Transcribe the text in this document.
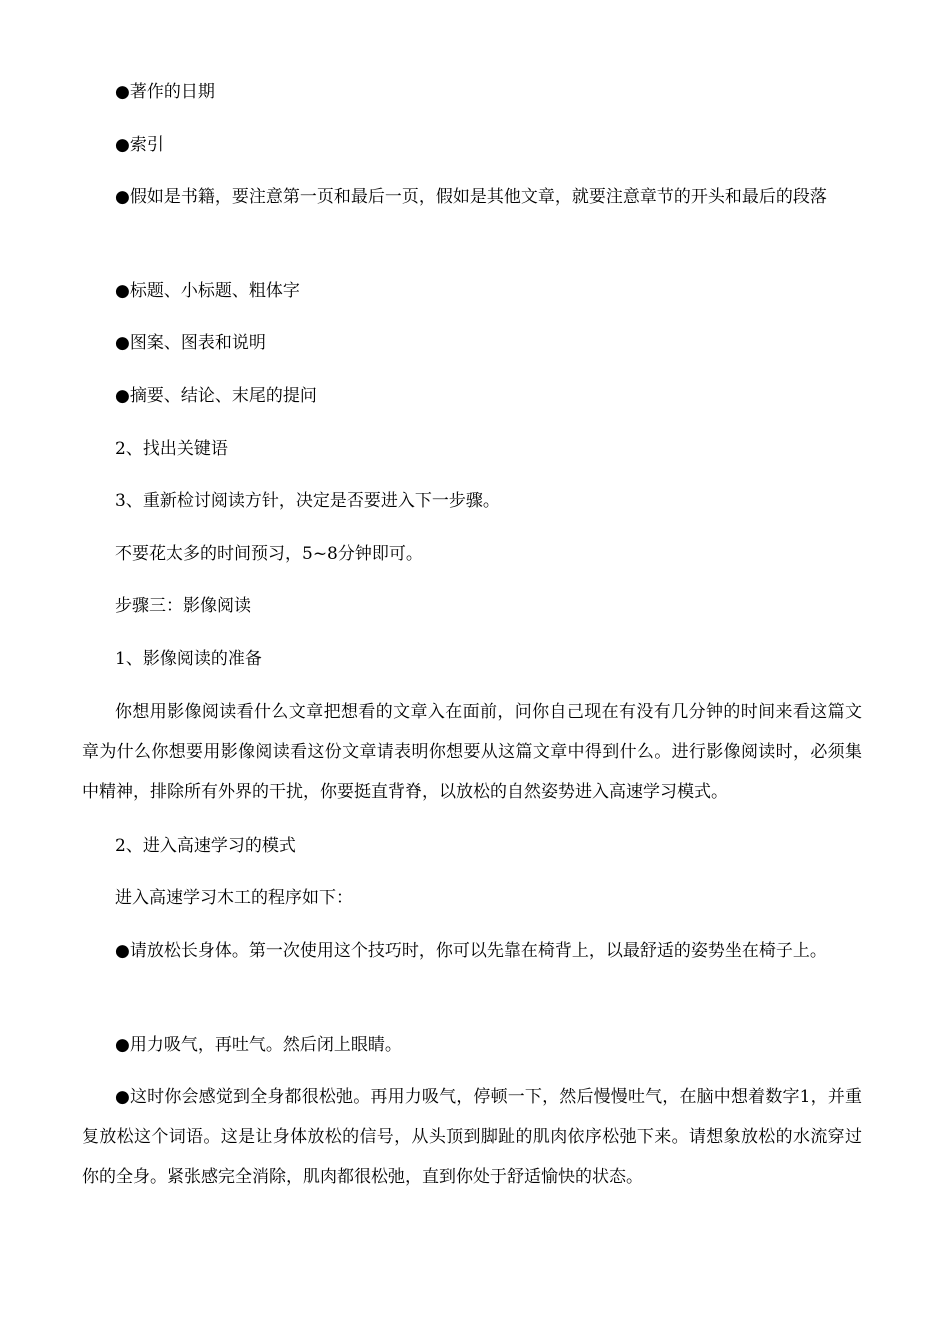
●著作的日期

●索引

●假如是书籍，要注意第一页和最后一页，假如是其他文章，就要注意章节的开头和最后的段落

●标题、小标题、粗体字

●图案、图表和说明

●摘要、结论、末尾的提问

2、找出关键语

3、重新检讨阅读方针，决定是否要进入下一步骤。

不要花太多的时间预习，5~8分钟即可。

步骤三：影像阅读

1、影像阅读的准备

你想用影像阅读看什么文章把想看的文章入在面前，问你自己现在有没有几分钟的时间来看这篇文章为什么你想要用影像阅读看这份文章请表明你想要从这篇文章中得到什么。进行影像阅读时，必须集中精神，排除所有外界的干扰，你要挺直背脊，以放松的自然姿势进入高速学习模式。

2、进入高速学习的模式

进入高速学习木工的程序如下：

●请放松长身体。第一次使用这个技巧时，你可以先靠在椅背上，以最舒适的姿势坐在椅子上。

●用力吸气，再吐气。然后闭上眼睛。

●这时你会感觉到全身都很松弛。再用力吸气，停顿一下，然后慢慢吐气，在脑中想着数字1，并重复放松这个词语。这是让身体放松的信号，从头顶到脚趾的肌肉依序松弛下来。请想象放松的水流穿过你的全身。紧张感完全消除，肌肉都很松弛，直到你处于舒适愉快的状态。
